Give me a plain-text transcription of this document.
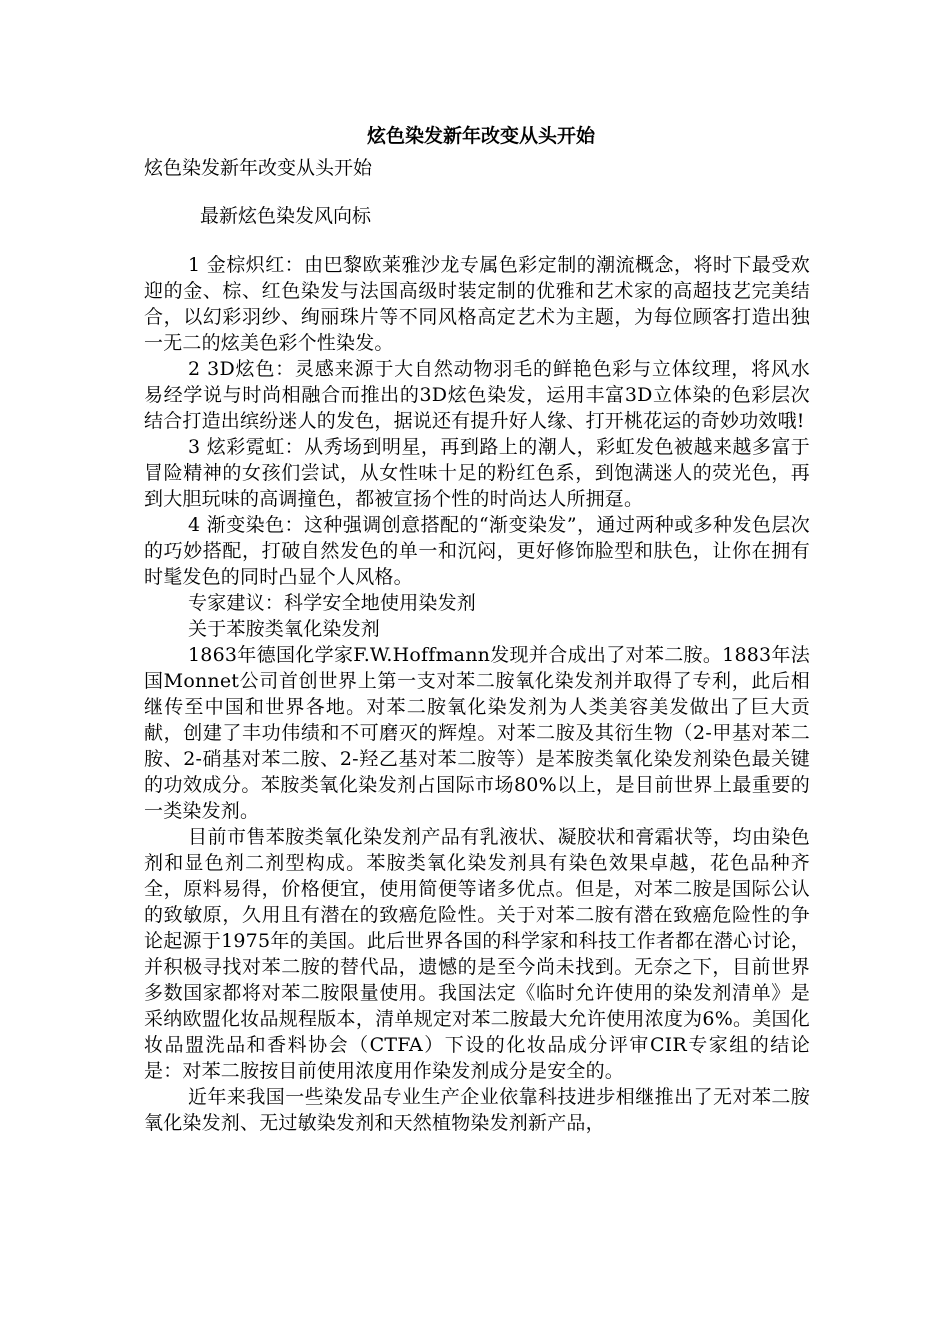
炫色染发新年改变从头开始

炫色染发新年改变从头开始

最新炫色染发风向标

1 金棕炽红：由巴黎欧莱雅沙龙专属色彩定制的潮流概念，将时下最受欢迎的金、棕、红色染发与法国高级时装定制的优雅和艺术家的高超技艺完美结合，以幻彩羽纱、绚丽珠片等不同风格高定艺术为主题，为每位顾客打造出独一无二的炫美色彩个性染发。

2 3D炫色：灵感来源于大自然动物羽毛的鲜艳色彩与立体纹理，将风水易经学说与时尚相融合而推出的3D炫色染发，运用丰富3D立体染的色彩层次结合打造出缤纷迷人的发色，据说还有提升好人缘、打开桃花运的奇妙功效哦!

3 炫彩霓虹：从秀场到明星，再到路上的潮人，彩虹发色被越来越多富于冒险精神的女孩们尝试，从女性味十足的粉红色系，到饱满迷人的荧光色，再到大胆玩味的高调撞色，都被宣扬个性的时尚达人所拥趸。

4 渐变染色：这种强调创意搭配的“渐变染发”，通过两种或多种发色层次的巧妙搭配，打破自然发色的单一和沉闷，更好修饰脸型和肤色，让你在拥有时髦发色的同时凸显个人风格。

专家建议：科学安全地使用染发剂

关于苯胺类氧化染发剂

1863年德国化学家F.W.Hoffmann发现并合成出了对苯二胺。1883年法国Monnet公司首创世界上第一支对苯二胺氧化染发剂并取得了专利，此后相继传至中国和世界各地。对苯二胺氧化染发剂为人类美容美发做出了巨大贡献，创建了丰功伟绩和不可磨灭的辉煌。对苯二胺及其衍生物（2-甲基对苯二胺、2-硝基对苯二胺、2-羟乙基对苯二胺等）是苯胺类氧化染发剂染色最关键的功效成分。苯胺类氧化染发剂占国际市场80%以上，是目前世界上最重要的一类染发剂。

目前市售苯胺类氧化染发剂产品有乳液状、凝胶状和膏霜状等，均由染色剂和显色剂二剂型构成。苯胺类氧化染发剂具有染色效果卓越，花色品种齐全，原料易得，价格便宜，使用简便等诸多优点。但是，对苯二胺是国际公认的致敏原，久用且有潜在的致癌危险性。关于对苯二胺有潜在致癌危险性的争论起源于1975年的美国。此后世界各国的科学家和科技工作者都在潜心讨论，并积极寻找对苯二胺的替代品，遗憾的是至今尚未找到。无奈之下，目前世界多数国家都将对苯二胺限量使用。我国法定《临时允许使用的染发剂清单》是采纳欧盟化妆品规程版本，清单规定对苯二胺最大允许使用浓度为6%。美国化妆品盟洗品和香料协会（CTFA）下设的化妆品成分评审CIR专家组的结论是：对苯二胺按目前使用浓度用作染发剂成分是安全的。

近年来我国一些染发品专业生产企业依靠科技进步相继推出了无对苯二胺氧化染发剂、无过敏染发剂和天然植物染发剂新产品，
